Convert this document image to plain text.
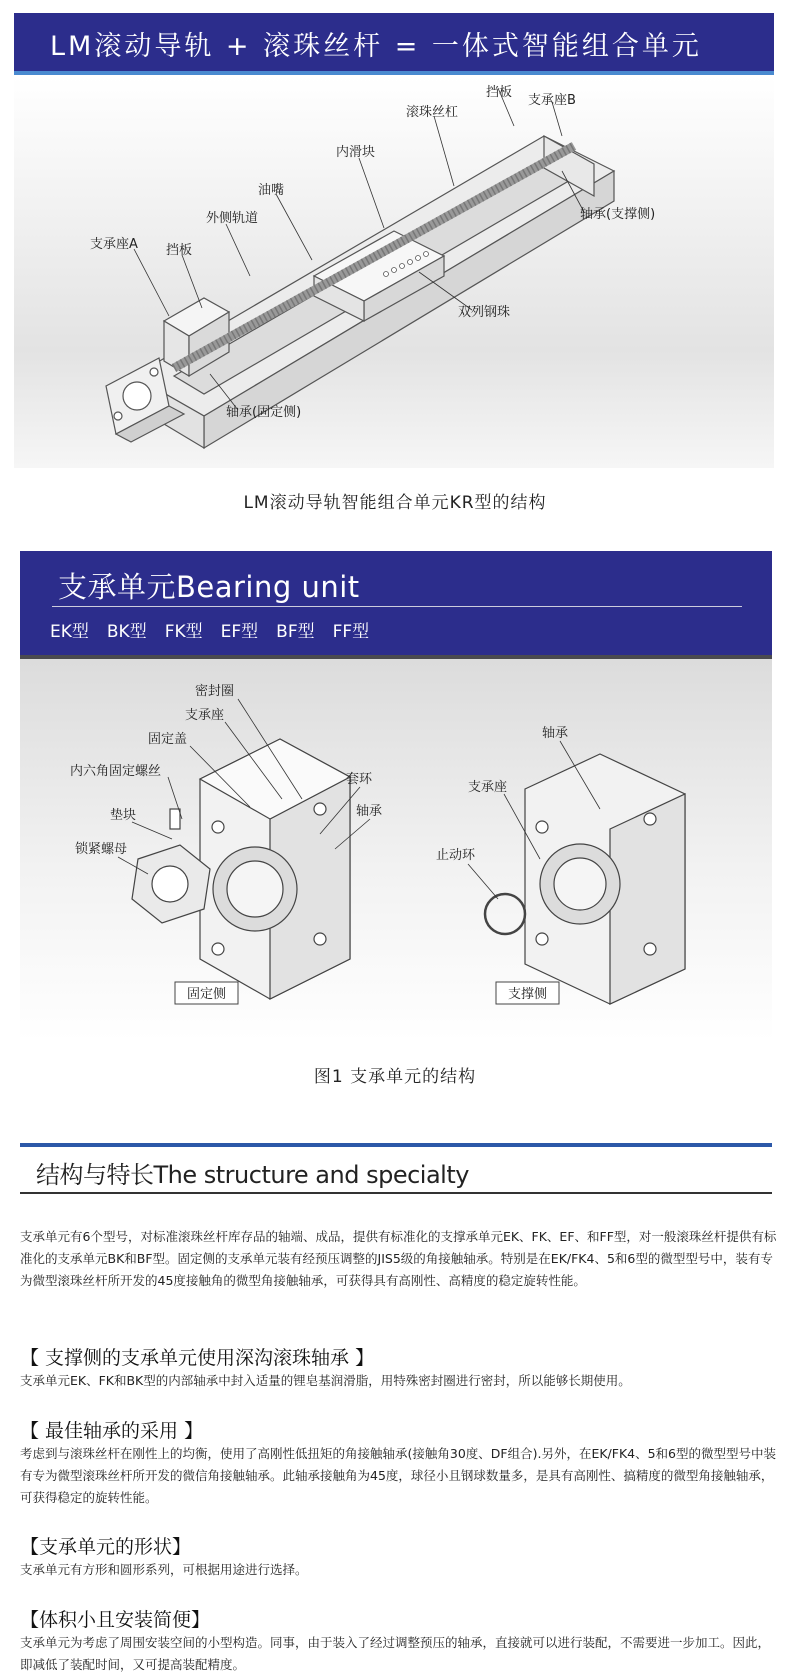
LM滚动导轨 + 滚珠丝杆 = 一体式智能组合单元
挡板
支承座B
滚珠丝杠
内滑块
油嘴
外侧轨道
支承座A 挡板
轴承(支撑侧)
双列钢珠
轴承(固定侧)
LM滚动导轨智能组合单元KR型的结构
支承单元Bearing unit
EK型 BK型 FK型 EF型 BF型 FF型
密封圈
支承座
固定盖
内六角固定螺丝
垫块
锁紧螺母
套环
轴承
轴承
支承座
止动环
固定侧	支撑侧
图1 支承单元的结构
结构与特长The structure and specialty
支承单元有6个型号，对标准滚珠丝杆库存品的轴端、成品，提供有标准化的支撑承单元EK、FK、EF、和FF型，对一般滚珠丝杆提供有标准化的支承单元BK和BF型。固定侧的支承单元装有经预压调整的JIS5级的角接触轴承。特别是在EK/FK4、5和6型的微型型号中，装有专为微型滚珠丝杆所开发的45度接触角的微型角接触轴承，可获得具有高刚性、高精度的稳定旋转性能。
【 支撑侧的支承单元使用深沟滚珠轴承 】
支承单元EK、FK和BK型的内部轴承中封入适量的锂皂基润滑脂，用特殊密封圈进行密封，所以能够长期使用。
【 最佳轴承的采用 】
考虑到与滚珠丝杆在刚性上的均衡，使用了高刚性低扭矩的角接触轴承(接触角30度、DF组合).另外，在EK/FK4、5和6型的微型型号中装有专为微型滚珠丝杆所开发的微信角接触轴承。此轴承接触角为45度，球径小且钢球数量多，是具有高刚性、搞精度的微型角接触轴承，可获得稳定的旋转性能。
【支承单元的形状】
支承单元有方形和圆形系列，可根据用途进行选择。
【体积小且安装简便】
支承单元为考虑了周围安装空间的小型构造。同事，由于装入了经过调整预压的轴承，直接就可以进行装配，不需要进一步加工。因此，即减低了装配时间，又可提高装配精度。
